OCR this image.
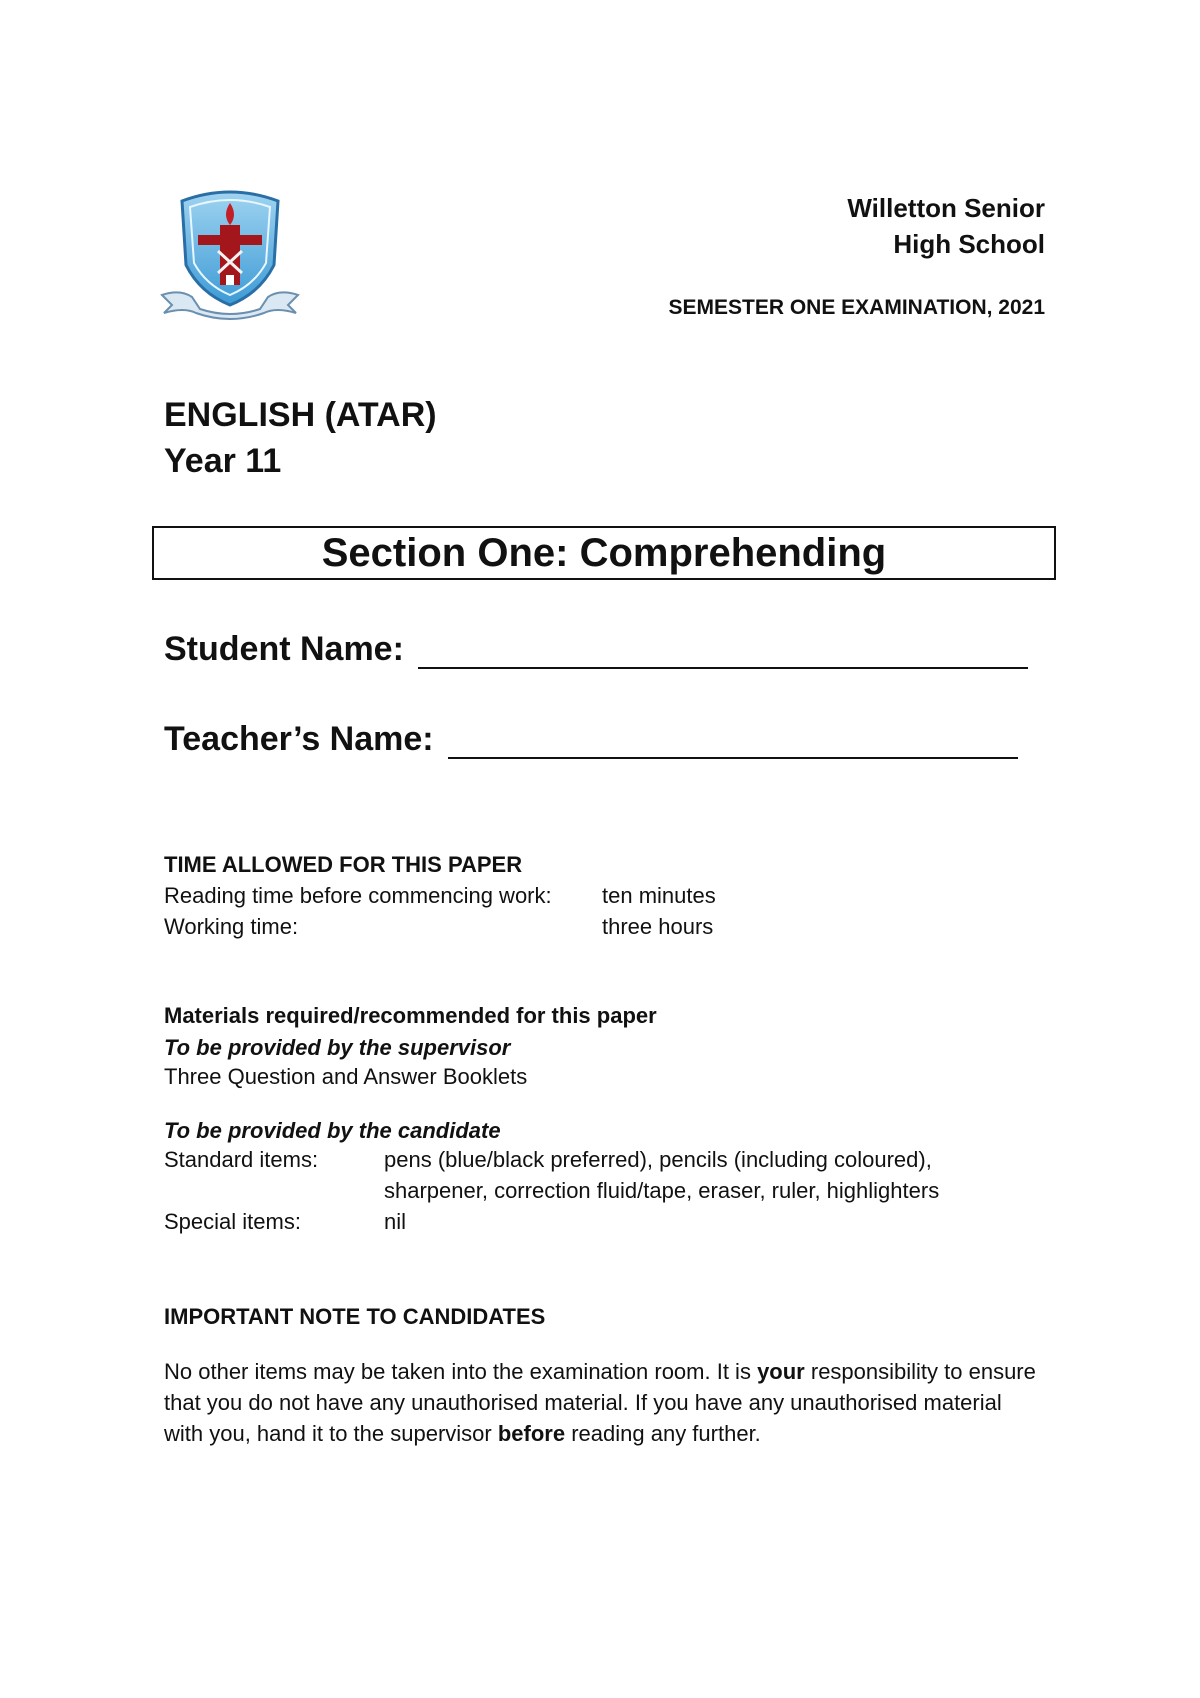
Willetton Senior
High School
SEMESTER ONE EXAMINATION, 2021
ENGLISH (ATAR)
Year 11
Section One: Comprehending
Student Name:
Teacher’s Name:
TIME ALLOWED FOR THIS PAPER
Reading time before commencing work:	ten minutes
Working time:	three hours
Materials required/recommended for this paper
To be provided by the supervisor
Three Question and Answer Booklets
To be provided by the candidate
Standard items:	pens (blue/black preferred), pencils (including coloured),
sharpener, correction fluid/tape, eraser, ruler, highlighters
Special items:	nil
IMPORTANT NOTE TO CANDIDATES
No other items may be taken into the examination room. It is your responsibility to ensure that you do not have any unauthorised material. If you have any unauthorised material with you, hand it to the supervisor before reading any further.
